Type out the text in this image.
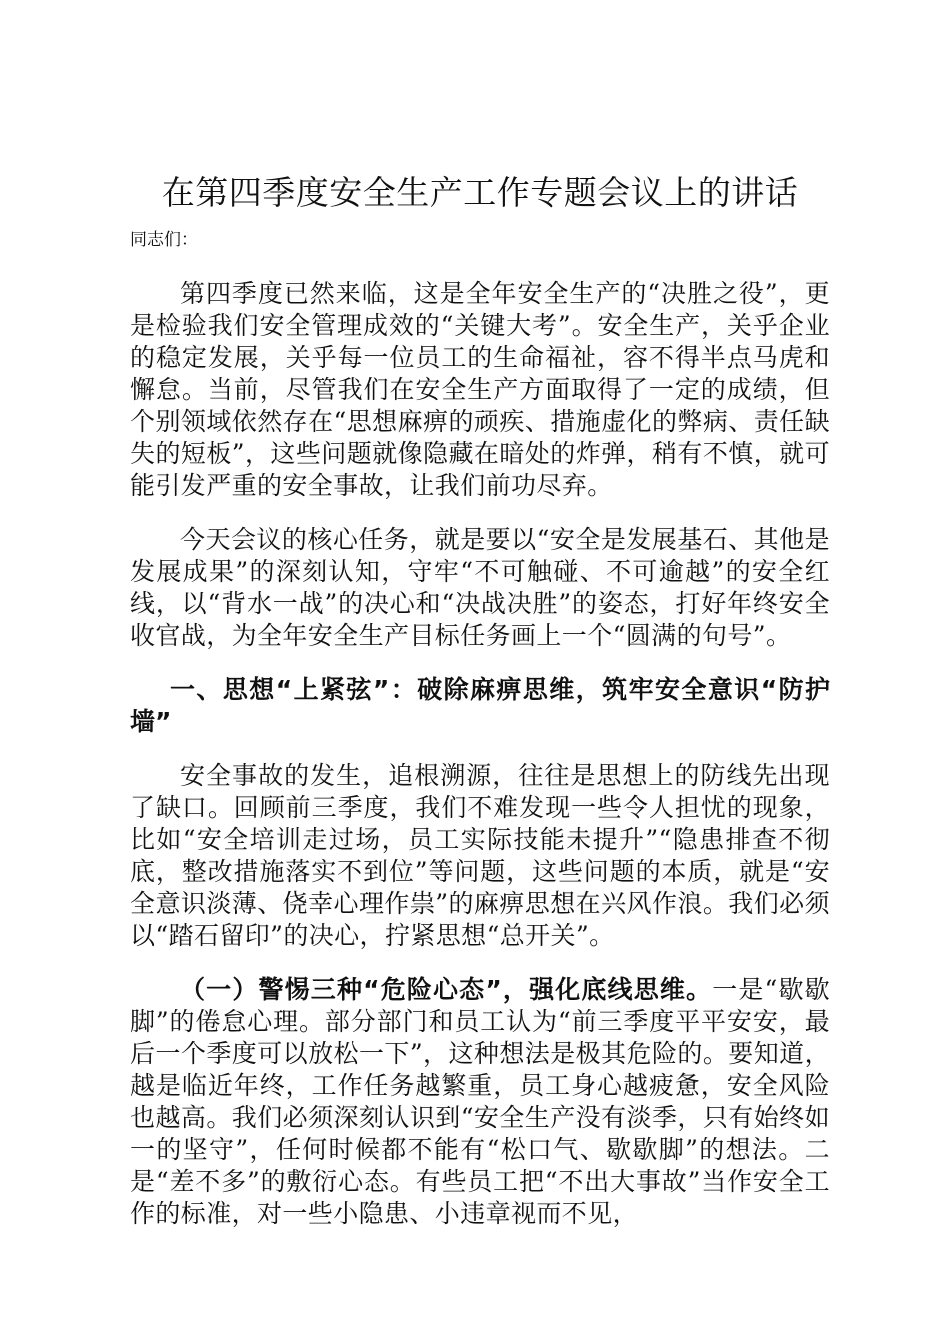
在第四季度安全生产工作专题会议上的讲话

同志们：

第四季度已然来临，这是全年安全生产的“决胜之役”，更是检验我们安全管理成效的“关键大考”。安全生产，关乎企业的稳定发展，关乎每一位员工的生命福祉，容不得半点马虎和懈怠。当前，尽管我们在安全生产方面取得了一定的成绩，但个别领域依然存在“思想麻痹的顽疾、措施虚化的弊病、责任缺失的短板”，这些问题就像隐藏在暗处的炸弹，稍有不慎，就可能引发严重的安全事故，让我们前功尽弃。

今天会议的核心任务，就是要以“安全是发展基石、其他是发展成果”的深刻认知，守牢“不可触碰、不可逾越”的安全红线，以“背水一战”的决心和“决战决胜”的姿态，打好年终安全收官战，为全年安全生产目标任务画上一个“圆满的句号”。

一、思想“上紧弦”：破除麻痹思维，筑牢安全意识“防护墙”

安全事故的发生，追根溯源，往往是思想上的防线先出现了缺口。回顾前三季度，我们不难发现一些令人担忧的现象，比如“安全培训走过场，员工实际技能未提升”“隐患排查不彻底，整改措施落实不到位”等问题，这些问题的本质，就是“安全意识淡薄、侥幸心理作祟”的麻痹思想在兴风作浪。我们必须以“踏石留印”的决心，拧紧思想“总开关”。

（一）警惕三种“危险心态”，强化底线思维。一是“歇歇脚”的倦怠心理。部分部门和员工认为“前三季度平平安安，最后一个季度可以放松一下”，这种想法是极其危险的。要知道，越是临近年终，工作任务越繁重，员工身心越疲惫，安全风险也越高。我们必须深刻认识到“安全生产没有淡季，只有始终如一的坚守”，任何时候都不能有“松口气、歇歇脚”的想法。二是“差不多”的敷衍心态。有些员工把“不出大事故”当作安全工作的标准，对一些小隐患、小违章视而不见，
